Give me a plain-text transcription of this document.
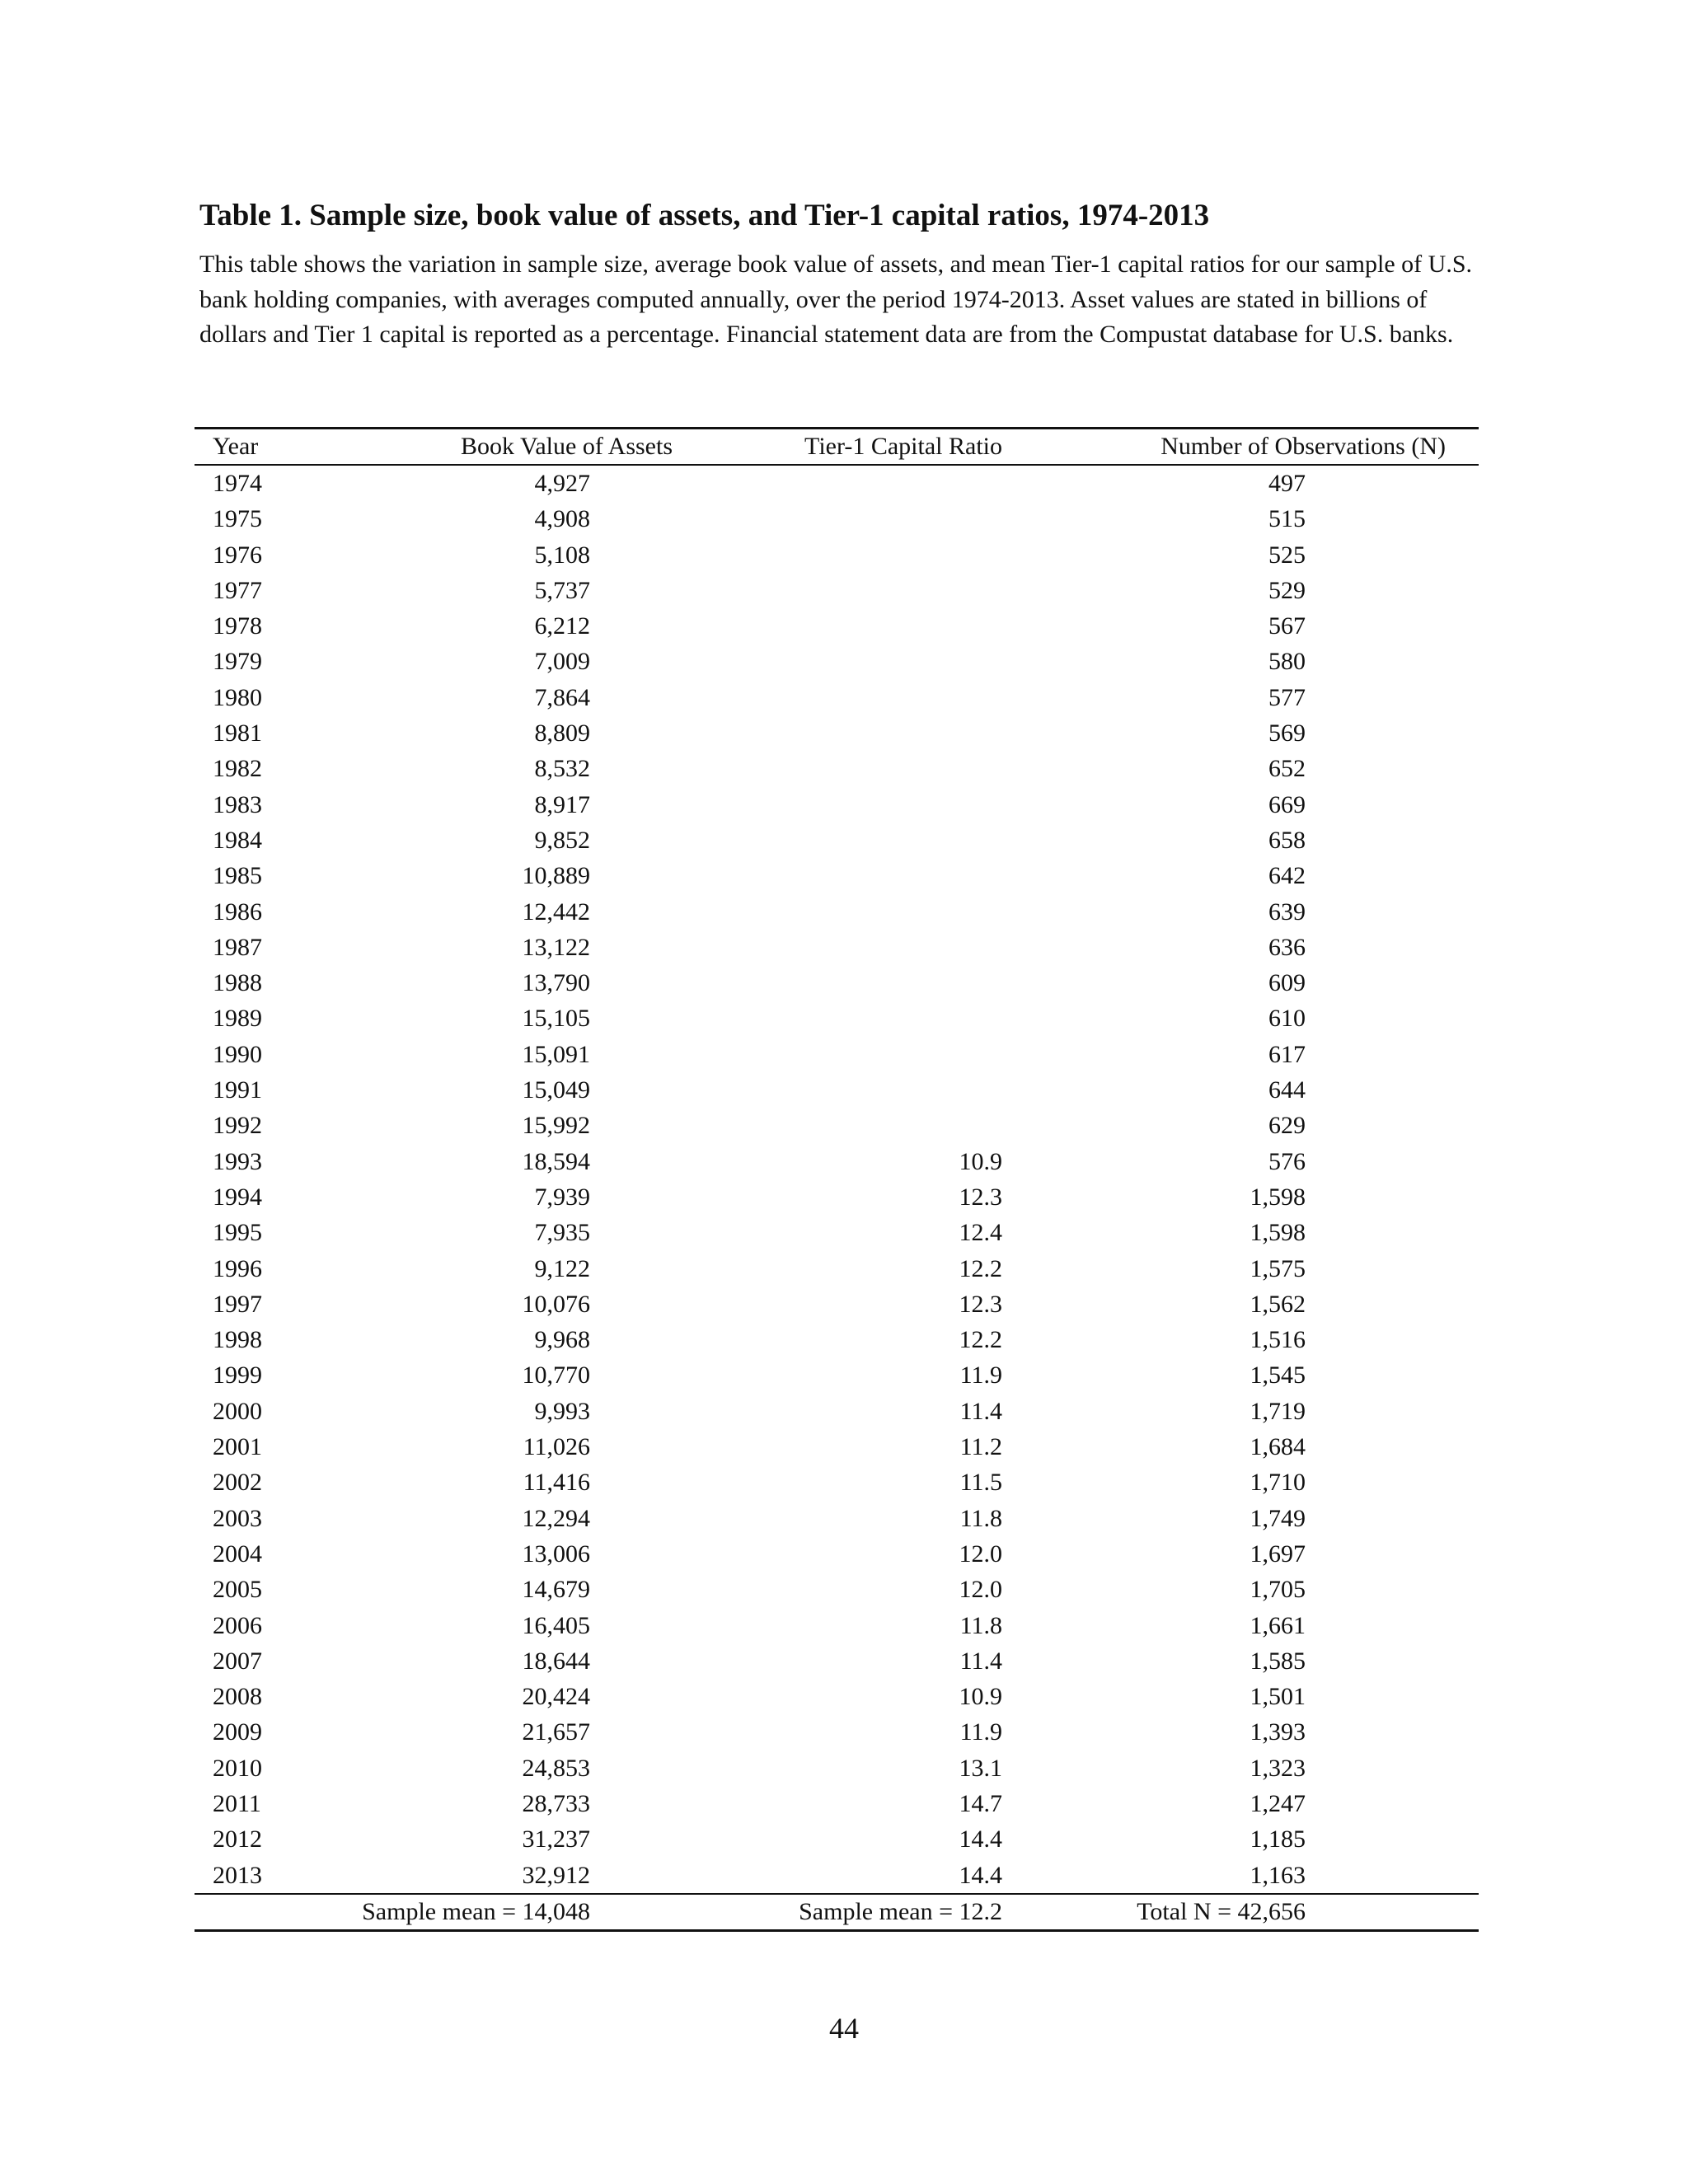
Table 1. Sample size, book value of assets, and Tier-1 capital ratios, 1974-2013

This table shows the variation in sample size, average book value of assets, and mean Tier-1 capital ratios for our sample of U.S. bank holding companies, with averages computed annually, over the period 1974-2013. Asset values are stated in billions of dollars and Tier 1 capital is reported as a percentage. Financial statement data are from the Compustat database for U.S. banks.

Year	Book Value of Assets	Tier-1 Capital Ratio	Number of Observations (N)
1974	4,927		497
1975	4,908		515
1976	5,108		525
1977	5,737		529
1978	6,212		567
1979	7,009		580
1980	7,864		577
1981	8,809		569
1982	8,532		652
1983	8,917		669
1984	9,852		658
1985	10,889		642
1986	12,442		639
1987	13,122		636
1988	13,790		609
1989	15,105		610
1990	15,091		617
1991	15,049		644
1992	15,992		629
1993	18,594	10.9	576
1994	7,939	12.3	1,598
1995	7,935	12.4	1,598
1996	9,122	12.2	1,575
1997	10,076	12.3	1,562
1998	9,968	12.2	1,516
1999	10,770	11.9	1,545
2000	9,993	11.4	1,719
2001	11,026	11.2	1,684
2002	11,416	11.5	1,710
2003	12,294	11.8	1,749
2004	13,006	12.0	1,697
2005	14,679	12.0	1,705
2006	16,405	11.8	1,661
2007	18,644	11.4	1,585
2008	20,424	10.9	1,501
2009	21,657	11.9	1,393
2010	24,853	13.1	1,323
2011	28,733	14.7	1,247
2012	31,237	14.4	1,185
2013	32,912	14.4	1,163
	Sample mean = 14,048	Sample mean = 12.2	Total N = 42,656

44
